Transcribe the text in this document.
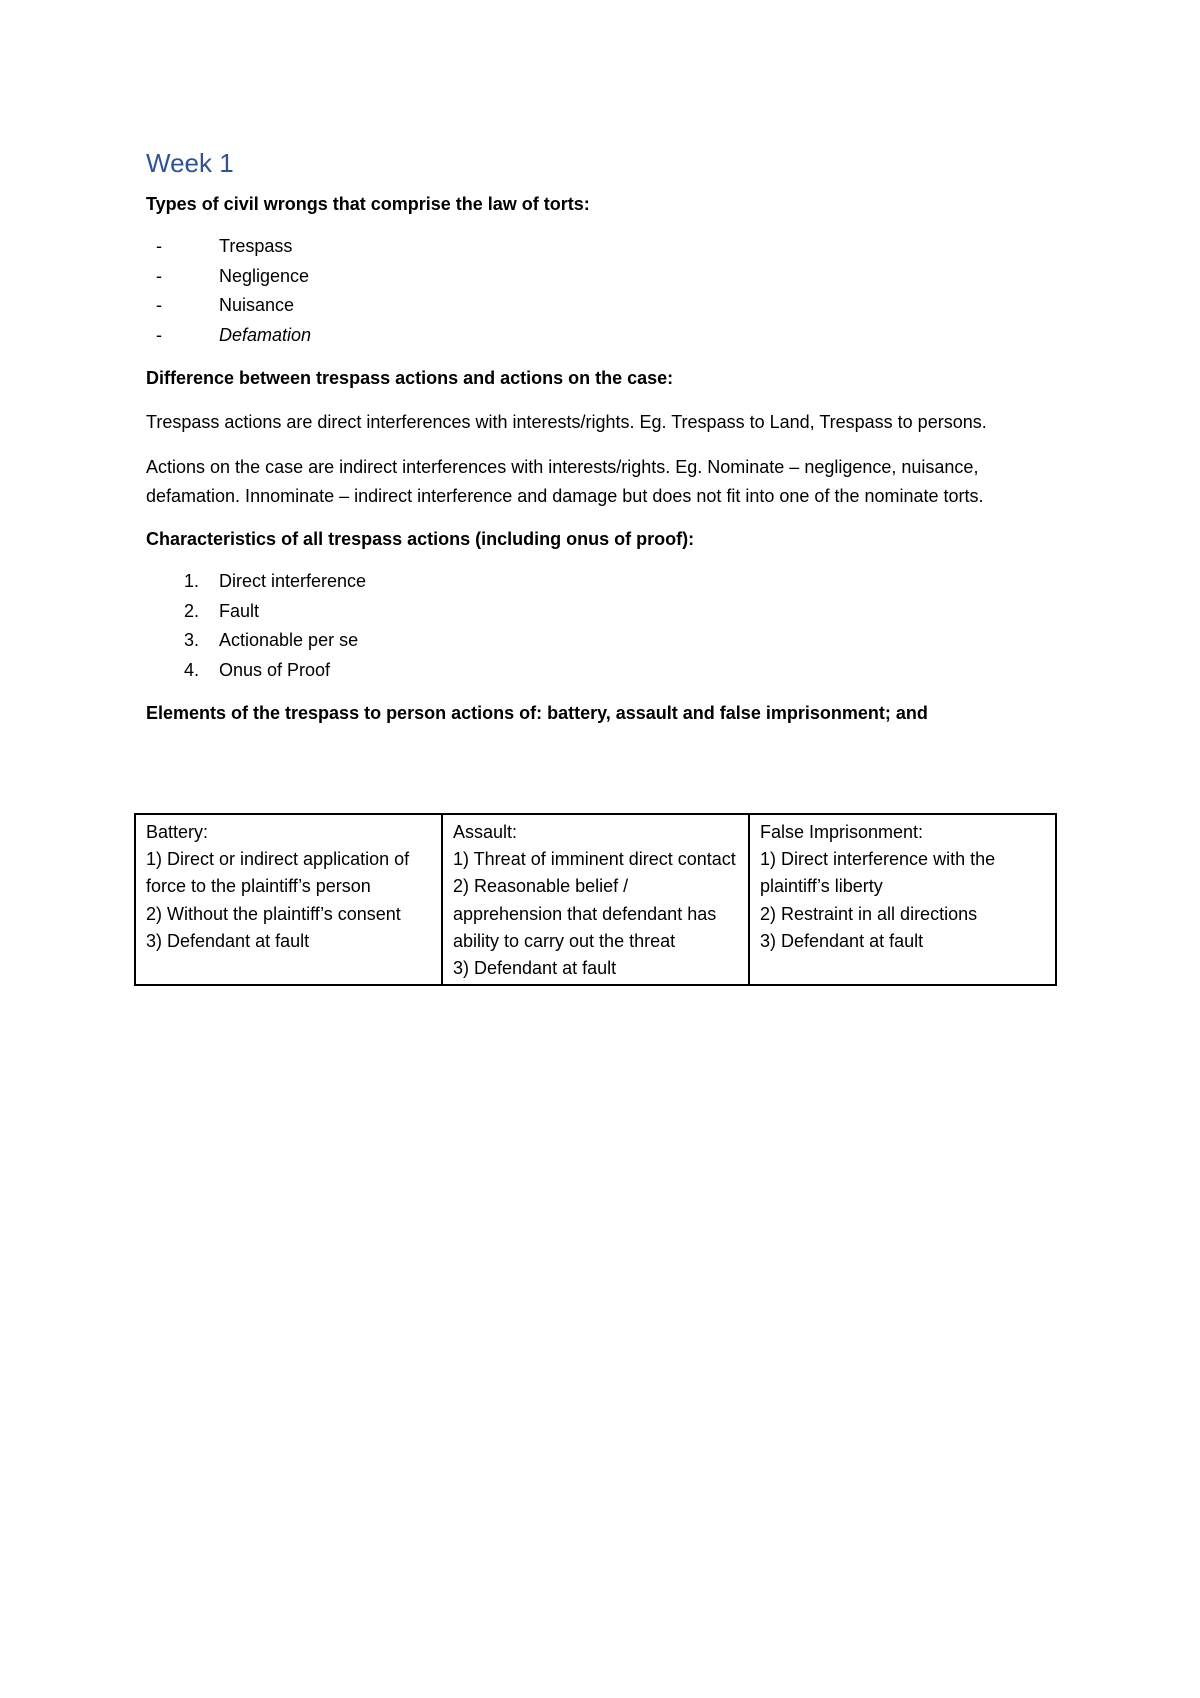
Week 1

Types of civil wrongs that comprise the law of torts:

-	Trespass
-	Negligence
-	Nuisance
-	Defamation

Difference between trespass actions and actions on the case:

Trespass actions are direct interferences with interests/rights. Eg. Trespass to Land, Trespass to persons.

Actions on the case are indirect interferences with interests/rights. Eg. Nominate – negligence, nuisance, defamation. Innominate – indirect interference and damage but does not fit into one of the nominate torts.

Characteristics of all trespass actions (including onus of proof):

1. Direct interference
2. Fault
3. Actionable per se
4. Onus of Proof

Elements of the trespass to person actions of: battery, assault and false imprisonment; and

Battery:
1) Direct or indirect application of force to the plaintiff’s person
2) Without the plaintiff’s consent
3) Defendant at fault

Assault:
1) Threat of imminent direct contact
2) Reasonable belief / apprehension that defendant has ability to carry out the threat
3) Defendant at fault

False Imprisonment:
1) Direct interference with the plaintiff’s liberty
2) Restraint in all directions
3) Defendant at fault
